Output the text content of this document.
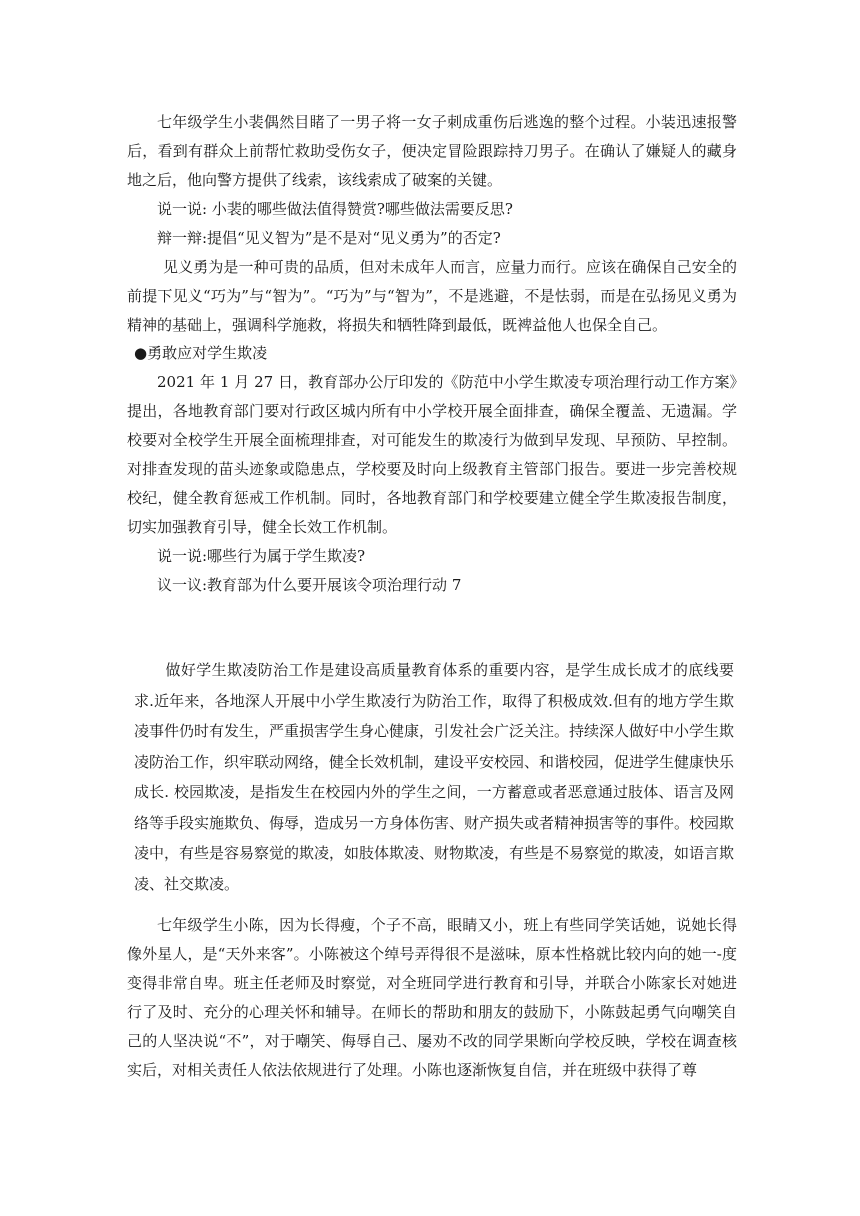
七年级学生小裴偶然目睹了一男子将一女子刺成重伤后逃逸的整个过程。小装迅速报警后，看到有群众上前帮忙救助受伤女子，便决定冒险跟踪持刀男子。在确认了嫌疑人的藏身地之后，他向警方提供了线索，该线索成了破案的关键。

说一说: 小裴的哪些做法值得赞赏?哪些做法需要反思?

辩一辩:提倡“见义智为”是不是对“见义勇为”的否定?

见义勇为是一种可贵的品质，但对未成年人而言，应量力而行。应该在确保自己安全的前提下见义“巧为”与“智为”。“巧为”与“智为”，不是逃避，不是怯弱，而是在弘扬见义勇为精神的基础上，强调科学施救，将损失和牺牲降到最低，既裨益他人也保全自己。

●勇敢应对学生欺凌

2021 年 1 月 27 日，教育部办公厅印发的《防范中小学生欺凌专项治理行动工作方案》提出，各地教育部门要对行政区城内所有中小学校开展全面排查，确保全覆盖、无遗漏。学校要对全校学生开展全面梳理排查，对可能发生的欺凌行为做到早发现、早预防、早控制。对排查发现的苗头迹象或隐患点，学校要及时向上级教育主管部门报告。要进一步完善校规校纪，健全教育惩戒工作机制。同时，各地教育部门和学校要建立健全学生欺凌报告制度，切实加强教育引导，健全长效工作机制。

说一说:哪些行为属于学生欺凌?

议一议:教育部为什么要开展该令项治理行动 7

做好学生欺凌防治工作是建设高质量教育体系的重要内容，是学生成长成才的底线要求.近年来，各地深人开展中小学生欺凌行为防治工作，取得了积极成效.但有的地方学生欺凌事件仍时有发生，严重损害学生身心健康，引发社会广泛关注。持续深人做好中小学生欺凌防治工作，织牢联动网络，健全长效机制，建设平安校园、和谐校园，促进学生健康快乐成长. 校园欺凌，是指发生在校园内外的学生之间，一方蓄意或者恶意通过肢体、语言及网络等手段实施欺负、侮辱，造成另一方身体伤害、财产损失或者精神损害等的事件。校园欺凌中，有些是容易察觉的欺凌，如肢体欺凌、财物欺凌，有些是不易察觉的欺凌，如语言欺凌、社交欺凌。

七年级学生小陈，因为长得瘦，个子不高，眼睛又小，班上有些同学笑话她，说她长得像外星人，是“天外来客”。小陈被这个绰号弄得很不是滋味，原本性格就比较内向的她一-度变得非常自卑。班主任老师及时察觉，对全班同学进行教育和引导，并联合小陈家长对她进行了及时、充分的心理关怀和辅导。在师长的帮助和朋友的鼓励下，小陈鼓起勇气向嘲笑自己的人坚决说“不”，对于嘲笑、侮辱自己、屡劝不改的同学果断向学校反映，学校在调查核实后，对相关责任人依法依规进行了处理。小陈也逐渐恢复自信，并在班级中获得了尊
